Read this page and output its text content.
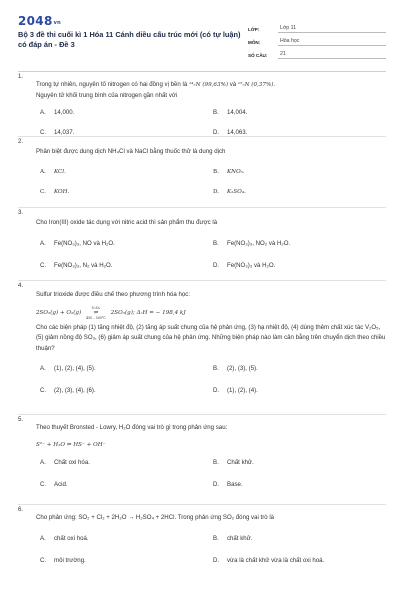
2048vn
Bộ 3 đề thi cuối kì 1 Hóa 11 Cánh diều cấu trúc mới (có tự luận) có đáp án - Đề 3
LỚP:	Lớp 11
MÔN:	Hóa học
SỐ CÂU:	21
1.
Trong tự nhiên, nguyên tố nitrogen có hai đồng vị bền là ¹⁴₇N (99,63%) và ¹⁵₇N (0,37%).
Nguyên tử khối trung bình của nitrogen gần nhất với
A.	14,000.	B.	14,004.
C.	14,037.	D.	14,063.
2.
Phân biệt được dung dịch NH₄Cl và NaCl bằng thuốc thử là dung dịch
A.	KCl.	B.	KNO₃.
C.	KOH.	D.	K₂SO₄.
3.
Cho Iron(III) oxide tác dụng với nitric acid thì sản phẩm thu được là
A.	Fe(NO₃)₃, NO và H₂O.	B.	Fe(NO₃)₃, NO₂ và H₂O.
C.	Fe(NO₃)₃, N₂ và H₂O.	D.	Fe(NO₃)₃ và H₂O.
4.
Sulfur trioxide được điều chế theo phương trình hóa học:
2SO₂(g) + O₂(g)
V₂O₅
⇌
450 – 500°C
2SO₃(g); ΔᵣH = − 198,4 kJ
Cho các biện pháp (1) tăng nhiệt độ, (2) tăng áp suất chung của hệ phản ứng, (3) hạ nhiệt độ, (4) dùng thêm chất xúc tác V₂O₅, (5) giảm nồng độ SO₃, (6) giảm áp suất chung của hệ phản ứng. Những biện pháp nào làm cân bằng trên chuyển dịch theo chiều thuận?
A.	(1), (2), (4), (5).	B.	(2), (3), (5).
C.	(2), (3), (4), (6).	D.	(1), (2), (4).
5.
Theo thuyết Bronsted - Lowry, H₂O đóng vai trò gì trong phản ứng sau:
S²⁻ + H₂O ⇌ HS⁻ + OH⁻
A.	Chất oxi hóa.	B.	Chất khử.
C.	Acid.	D.	Base.
6.
Cho phản ứng: SO₂ + Cl₂ + 2H₂O → H₂SO₄ + 2HCl. Trong phản ứng SO₂ đóng vai trò là
A.	chất oxi hoá.	B.	chất khử.
C.	môi trường.	D.	vừa là chất khử vừa là chất oxi hoá.
